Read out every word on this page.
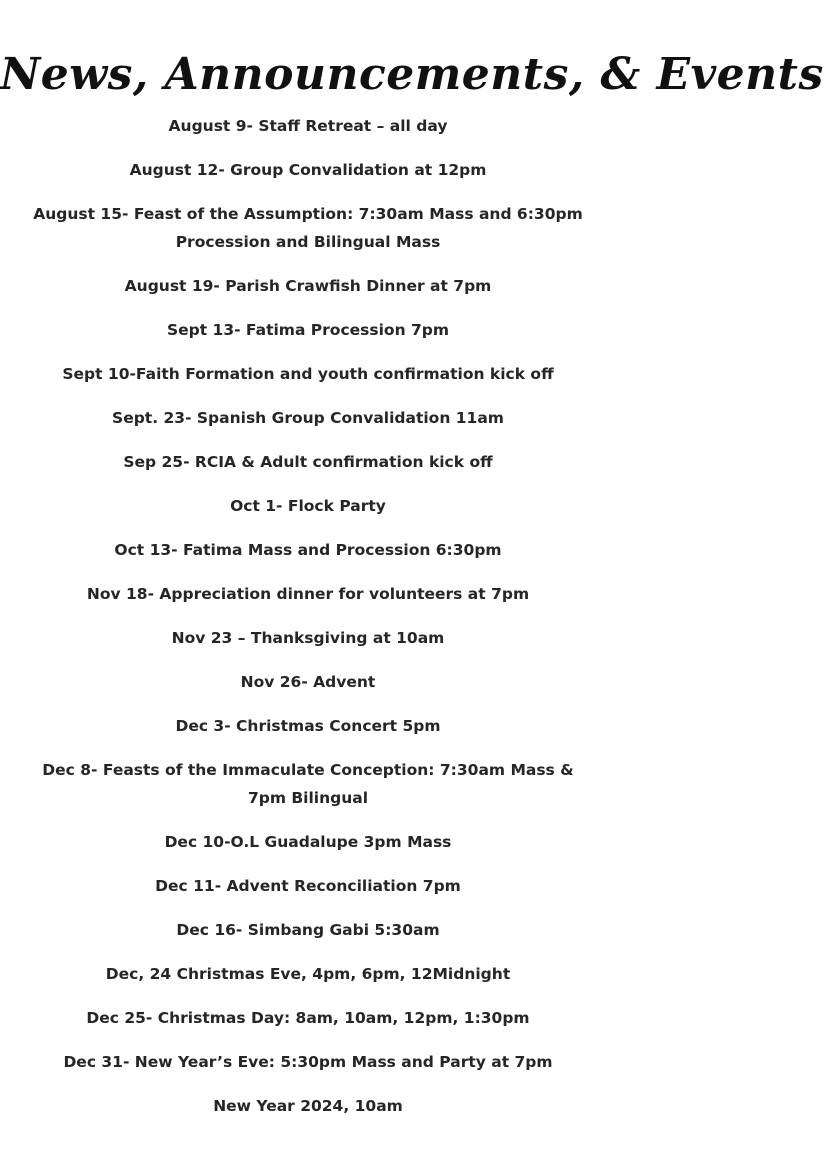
News, Announcements, & Events
August 9- Staff Retreat – all day
August 12- Group Convalidation at 12pm
August 15- Feast of the Assumption: 7:30am Mass and 6:30pm Procession and Bilingual Mass
August 19- Parish Crawfish Dinner at 7pm
Sept 13- Fatima Procession 7pm
Sept 10-Faith Formation and youth confirmation kick off
Sept. 23- Spanish Group Convalidation 11am
Sep 25- RCIA & Adult confirmation kick off
Oct 1- Flock Party
Oct 13- Fatima Mass and Procession 6:30pm
Nov 18- Appreciation dinner for volunteers at 7pm
Nov 23 – Thanksgiving at 10am
Nov 26- Advent
Dec 3- Christmas Concert 5pm
Dec 8- Feasts of the Immaculate Conception: 7:30am Mass & 7pm Bilingual
Dec 10-O.L Guadalupe 3pm Mass
Dec 11- Advent Reconciliation 7pm
Dec 16- Simbang Gabi 5:30am
Dec, 24 Christmas Eve, 4pm, 6pm, 12Midnight
Dec 25- Christmas Day: 8am, 10am, 12pm, 1:30pm
Dec 31- New Year’s Eve: 5:30pm Mass and Party at 7pm
New Year 2024, 10am
